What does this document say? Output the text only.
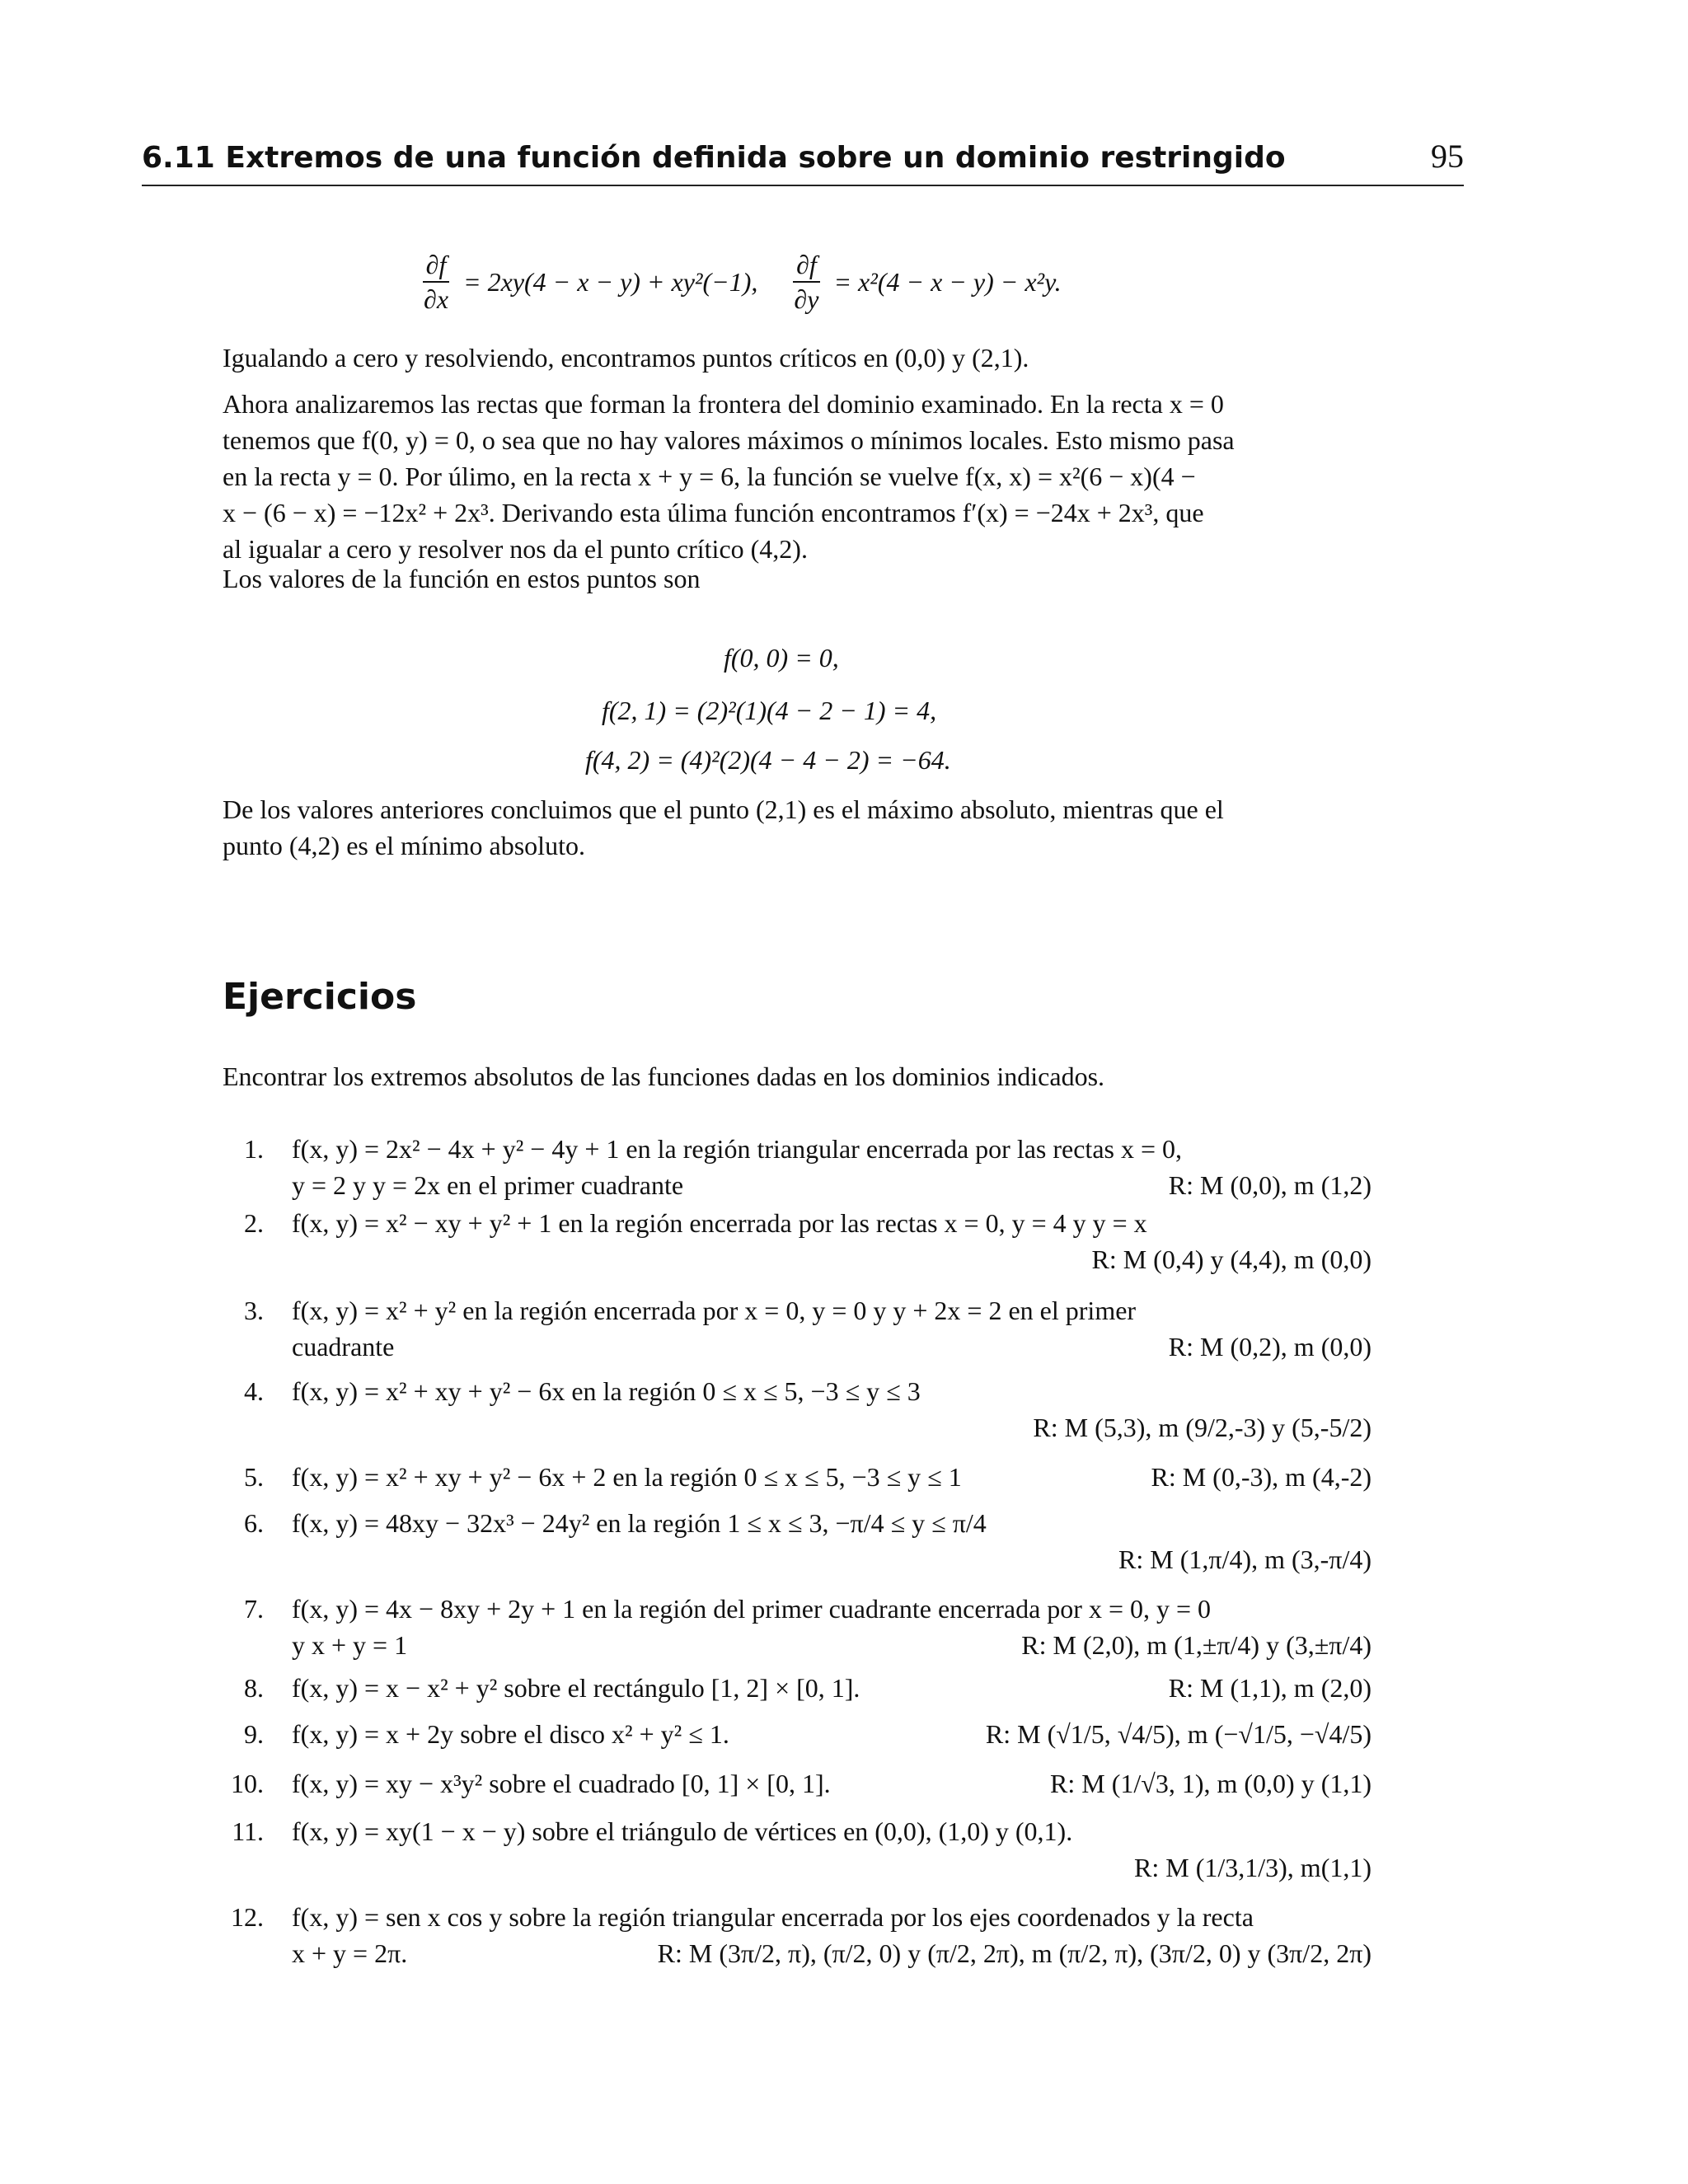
6.11 Extremos de una función definida sobre un dominio restringido	95
$\frac{\partial f}{\partial x} = 2xy(4 - x - y) + xy^2(-1)$, $\frac{\partial f}{\partial y} = x^2(4 - x - y) - x^2y$.
Igualando a cero y resolviendo, encontramos puntos críticos en (0,0) y (2,1).
Ahora analizaremos las rectas que forman la frontera del dominio examinado. En la recta x = 0
tenemos que f(0, y) = 0, o sea que no hay valores máximos o mínimos locales. Esto mismo pasa
en la recta y = 0. Por úlimo, en la recta x + y = 6, la función se vuelve f(x, x) = x²(6 − x)(4 −
x − (6 − x) = −12x² + 2x³. Derivando esta úlima función encontramos f′(x) = −24x + 2x³, que
al igualar a cero y resolver nos da el punto crítico (4,2).
Los valores de la función en estos puntos son
f(0, 0) = 0,
f(2, 1) = (2)²(1)(4 − 2 − 1) = 4,
f(4, 2) = (4)²(2)(4 − 4 − 2) = −64.
De los valores anteriores concluimos que el punto (2,1) es el máximo absoluto, mientras que el
punto (4,2) es el mínimo absoluto.
Ejercicios
Encontrar los extremos absolutos de las funciones dadas en los dominios indicados.
1. f(x, y) = 2x² − 4x + y² − 4y + 1 en la región triangular encerrada por las rectas x = 0,
y = 2 y y = 2x en el primer cuadrante	R: M (0,0), m (1,2)
2. f(x, y) = x² − xy + y² + 1 en la región encerrada por las rectas x = 0, y = 4 y y = x
R: M (0,4) y (4,4), m (0,0)
3. f(x, y) = x² + y² en la región encerrada por x = 0, y = 0 y y + 2x = 2 en el primer
cuadrante	R: M (0,2), m (0,0)
4. f(x, y) = x² + xy + y² − 6x en la región 0 ≤ x ≤ 5, −3 ≤ y ≤ 3
R: M (5,3), m (9/2,-3) y (5,-5/2)
5. f(x, y) = x² + xy + y² − 6x + 2 en la región 0 ≤ x ≤ 5, −3 ≤ y ≤ 1	R: M (0,-3), m (4,-2)
6. f(x, y) = 48xy − 32x³ − 24y² en la región 1 ≤ x ≤ 3, −π/4 ≤ y ≤ π/4
R: M (1,π/4), m (3,-π/4)
7. f(x, y) = 4x − 8xy + 2y + 1 en la región del primer cuadrante encerrada por x = 0, y = 0
y x + y = 1	R: M (2,0), m (1,±π/4) y (3,±π/4)
8. f(x, y) = x − x² + y² sobre el rectángulo [1, 2] × [0, 1].	R: M (1,1), m (2,0)
9. f(x, y) = x + 2y sobre el disco x² + y² ≤ 1.	R: M (√1/5, √4/5), m (−√1/5, −√4/5)
10. f(x, y) = xy − x³y² sobre el cuadrado [0, 1] × [0, 1].	R: M (1/√3, 1), m (0,0) y (1,1)
11. f(x, y) = xy(1 − x − y) sobre el triángulo de vértices en (0,0), (1,0) y (0,1).
R: M (1/3,1/3), m(1,1)
12. f(x, y) = sen x cos y sobre la región triangular encerrada por los ejes coordenados y la recta
x + y = 2π.	R: M (3π/2, π), (π/2, 0) y (π/2, 2π), m (π/2, π), (3π/2, 0) y (3π/2, 2π)
